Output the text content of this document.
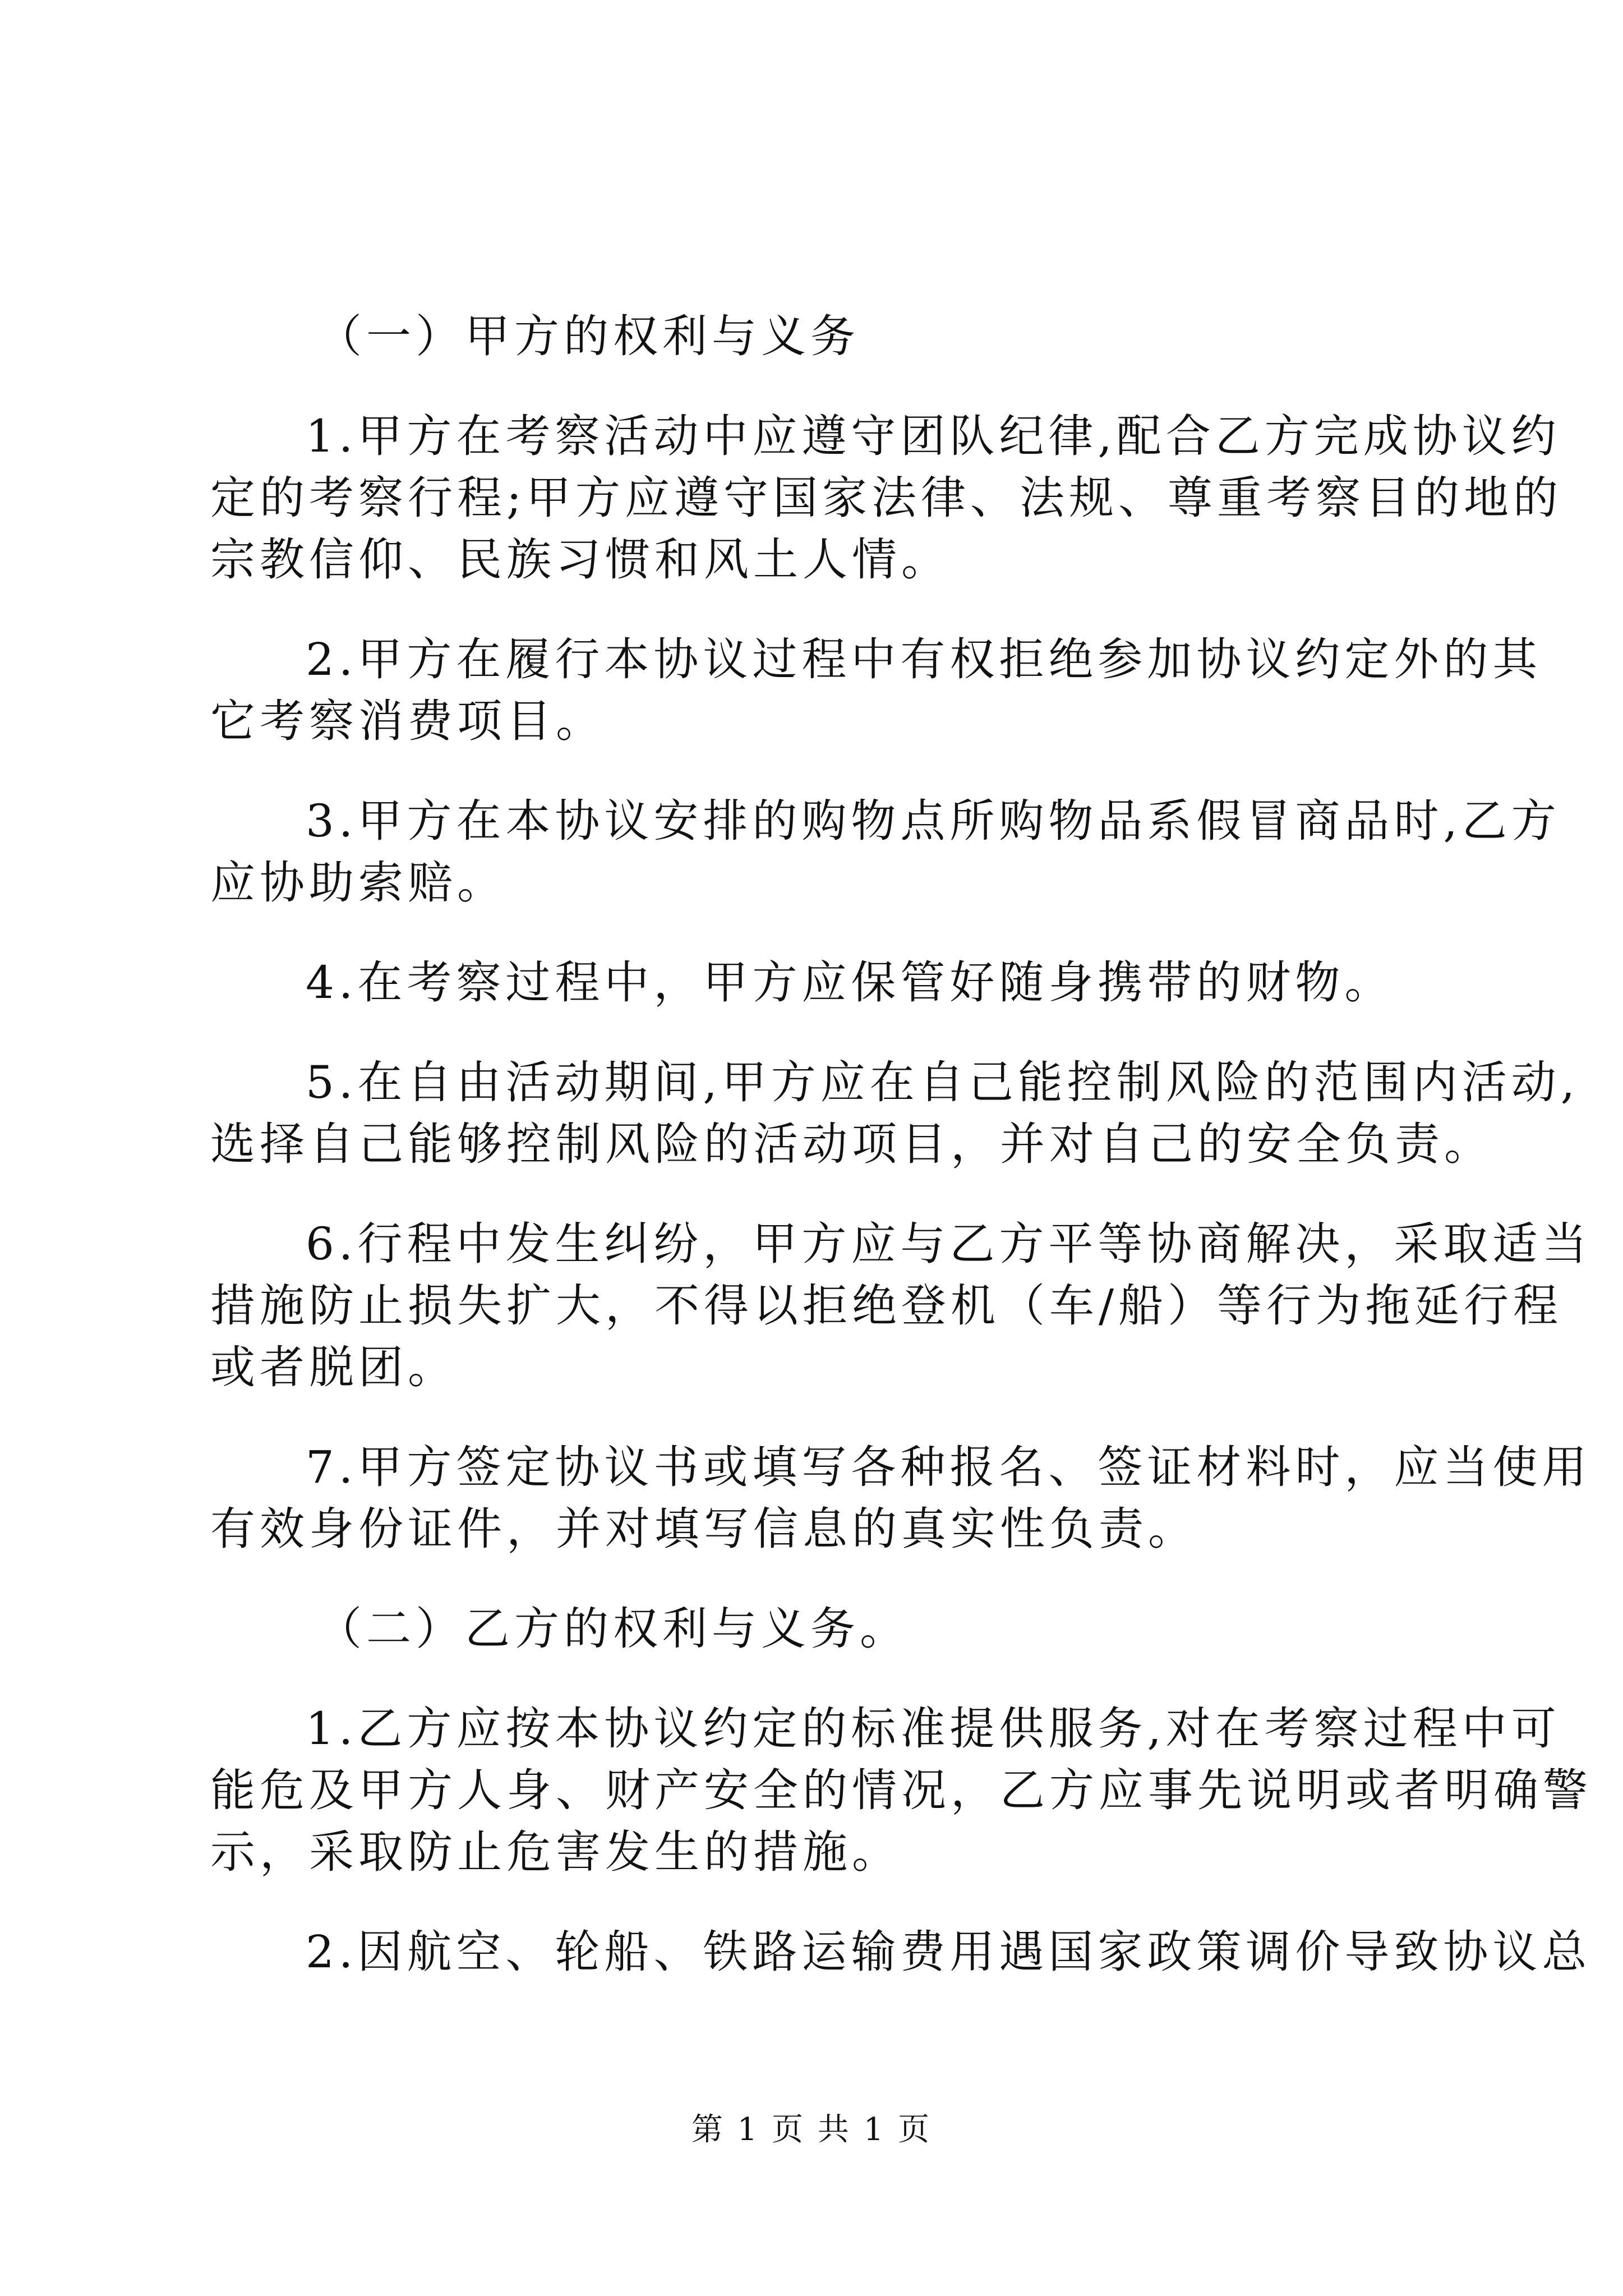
（一）甲方的权利与义务

1.甲方在考察活动中应遵守团队纪律,配合乙方完成协议约

定的考察行程;甲方应遵守国家法律、法规、尊重考察目的地的

宗教信仰、民族习惯和风土人情。

2.甲方在履行本协议过程中有权拒绝参加协议约定外的其

它考察消费项目。

3.甲方在本协议安排的购物点所购物品系假冒商品时,乙方

应协助索赔。

4.在考察过程中，甲方应保管好随身携带的财物。

5.在自由活动期间,甲方应在自己能控制风险的范围内活动,

选择自己能够控制风险的活动项目，并对自己的安全负责。

6.行程中发生纠纷，甲方应与乙方平等协商解决，采取适当

措施防止损失扩大，不得以拒绝登机（车/船）等行为拖延行程

或者脱团。

7.甲方签定协议书或填写各种报名、签证材料时，应当使用

有效身份证件，并对填写信息的真实性负责。

（二）乙方的权利与义务。

1.乙方应按本协议约定的标准提供服务,对在考察过程中可

能危及甲方人身、财产安全的情况，乙方应事先说明或者明确警

示，采取防止危害发生的措施。

2.因航空、轮船、铁路运输费用遇国家政策调价导致协议总

第 1 页 共 1 页
